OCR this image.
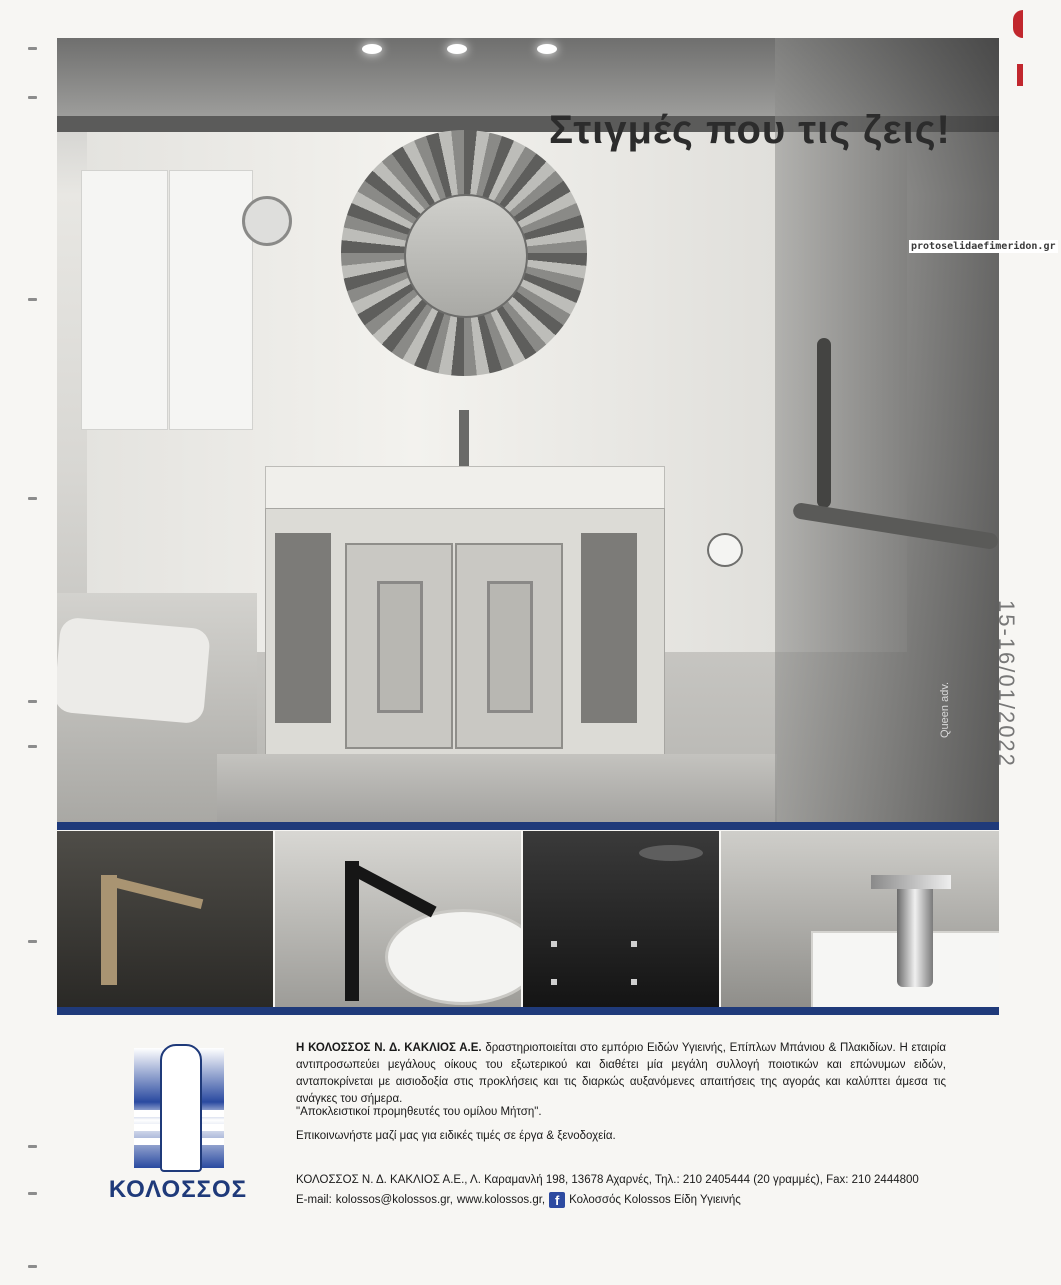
Στιγμές που τις ζεις!
Queen adv.
protoselidaefimeridon.gr
15-16/01/2022
ΚΟΛΟΣΣΟΣ
Η ΚΟΛΟΣΣΟΣ Ν. Δ. ΚΑΚΛΙΟΣ Α.Ε. δραστηριοποιείται στο εμπόριο Ειδών Υγιεινής, Επίπλων Μπάνιου & Πλακιδίων. Η εταιρία αντιπροσωπεύει μεγάλους οίκους του εξωτερικού και διαθέτει μία μεγάλη συλλογή ποιοτικών και επώνυμων ειδών, ανταποκρίνεται με αισιοδοξία στις προκλήσεις και τις διαρκώς αυξανόμενες απαιτήσεις της αγοράς και καλύπτει άμεσα τις ανάγκες του σήμερα.
"Αποκλειστικοί προμηθευτές του ομίλου Μήτση".
Επικοινωνήστε μαζί μας για ειδικές τιμές σε έργα & ξενοδοχεία.
ΚΟΛΟΣΣΟΣ Ν. Δ. ΚΑΚΛΙΟΣ Α.Ε., Λ. Καραμανλή 198, 13678 Αχαρνές, Τηλ.: 210 2405444 (20 γραμμές), Fax: 210 2444800
E-mail: kolossos@kolossos.gr, www.kolossos.gr, f Κολοσσός Kolossos Είδη Υγιεινής
